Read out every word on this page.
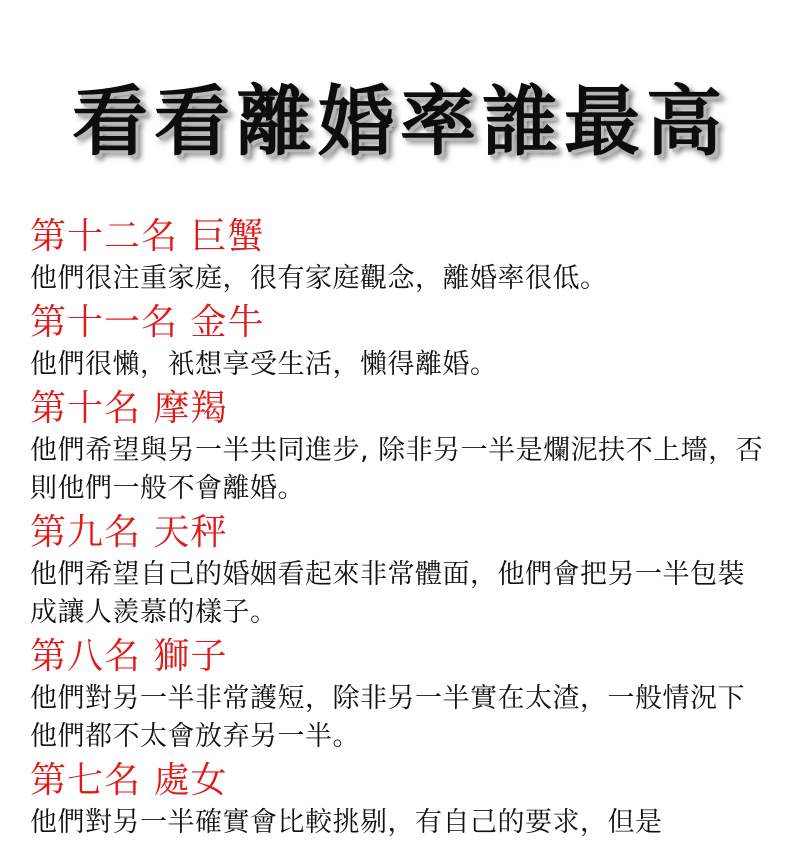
看看離婚率誰最高
第十二名 巨蟹
他們很注重家庭，很有家庭觀念，離婚率很低。
第十一名 金牛
他們很懶，衹想享受生活，懶得離婚。
第十名 摩羯
他們希望與另一半共同進步, 除非另一半是爛泥扶不上墻，否則他們一般不會離婚。
第九名 天秤
他們希望自己的婚姻看起來非常體面，他們會把另一半包裝成讓人羨慕的樣子。
第八名 獅子
他們對另一半非常護短，除非另一半實在太渣，一般情況下他們都不太會放弃另一半。
第七名 處女
他們對另一半確實會比較挑剔，有自己的要求，但是
